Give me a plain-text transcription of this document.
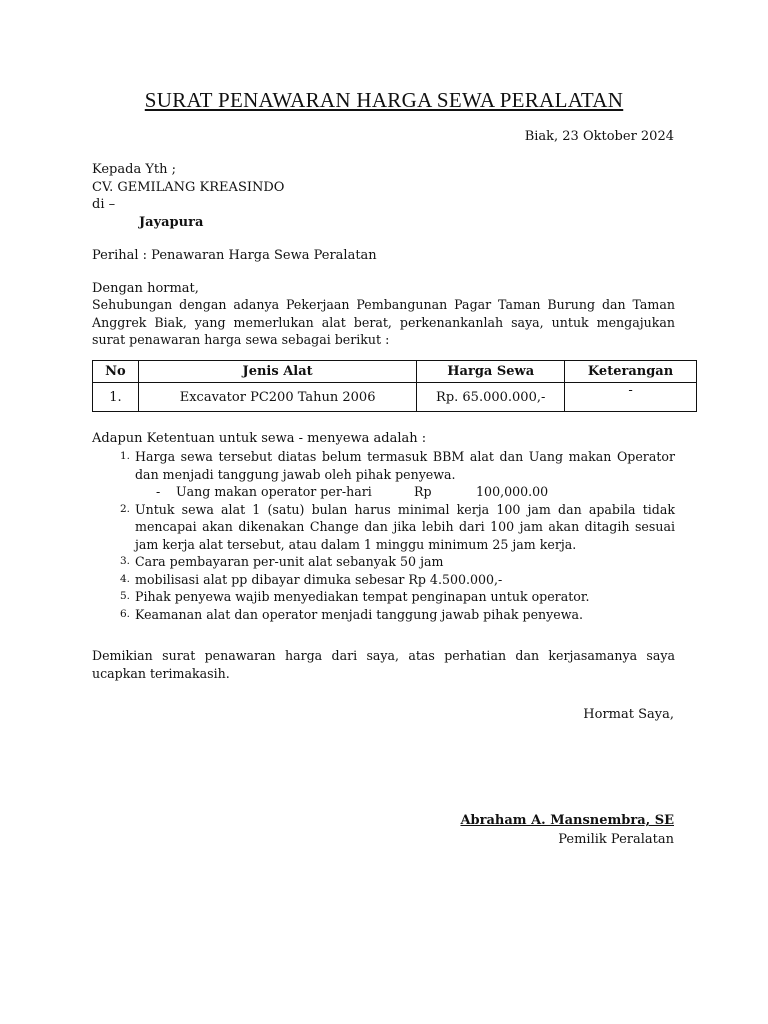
SURAT PENAWARAN HARGA SEWA PERALATAN
Biak, 23 Oktober 2024
Kepada Yth ;
CV. GEMILANG KREASINDO
di –
Jayapura
Perihal : Penawaran Harga Sewa Peralatan
Dengan hormat,
Sehubungan dengan adanya Pekerjaan Pembangunan Pagar Taman Burung dan Taman Anggrek Biak, yang memerlukan alat berat, perkenankanlah saya, untuk mengajukan surat penawaran harga sewa sebagai berikut :
No	Jenis Alat	Harga Sewa	Keterangan
1.	Excavator PC200 Tahun 2006	Rp. 65.000.000,-	-
Adapun Ketentuan untuk sewa - menyewa adalah :
1. Harga sewa tersebut diatas belum termasuk BBM alat dan Uang makan Operator dan menjadi tanggung jawab oleh pihak penyewa.
- Uang makan operator per-hari	Rp	100,000.00
2. Untuk sewa alat 1 (satu) bulan harus minimal kerja 100 jam dan apabila tidak mencapai akan dikenakan Change dan jika lebih dari 100 jam akan ditagih sesuai jam kerja alat tersebut, atau dalam 1 minggu minimum 25 jam kerja.
3. Cara pembayaran per-unit alat sebanyak 50 jam
4. mobilisasi alat pp dibayar dimuka sebesar Rp 4.500.000,-
5. Pihak penyewa wajib menyediakan tempat penginapan untuk operator.
6. Keamanan alat dan operator menjadi tanggung jawab pihak penyewa.
Demikian surat penawaran harga dari saya, atas perhatian dan kerjasamanya saya ucapkan terimakasih.
Hormat Saya,
Abraham A. Mansnembra, SE
Pemilik Peralatan
